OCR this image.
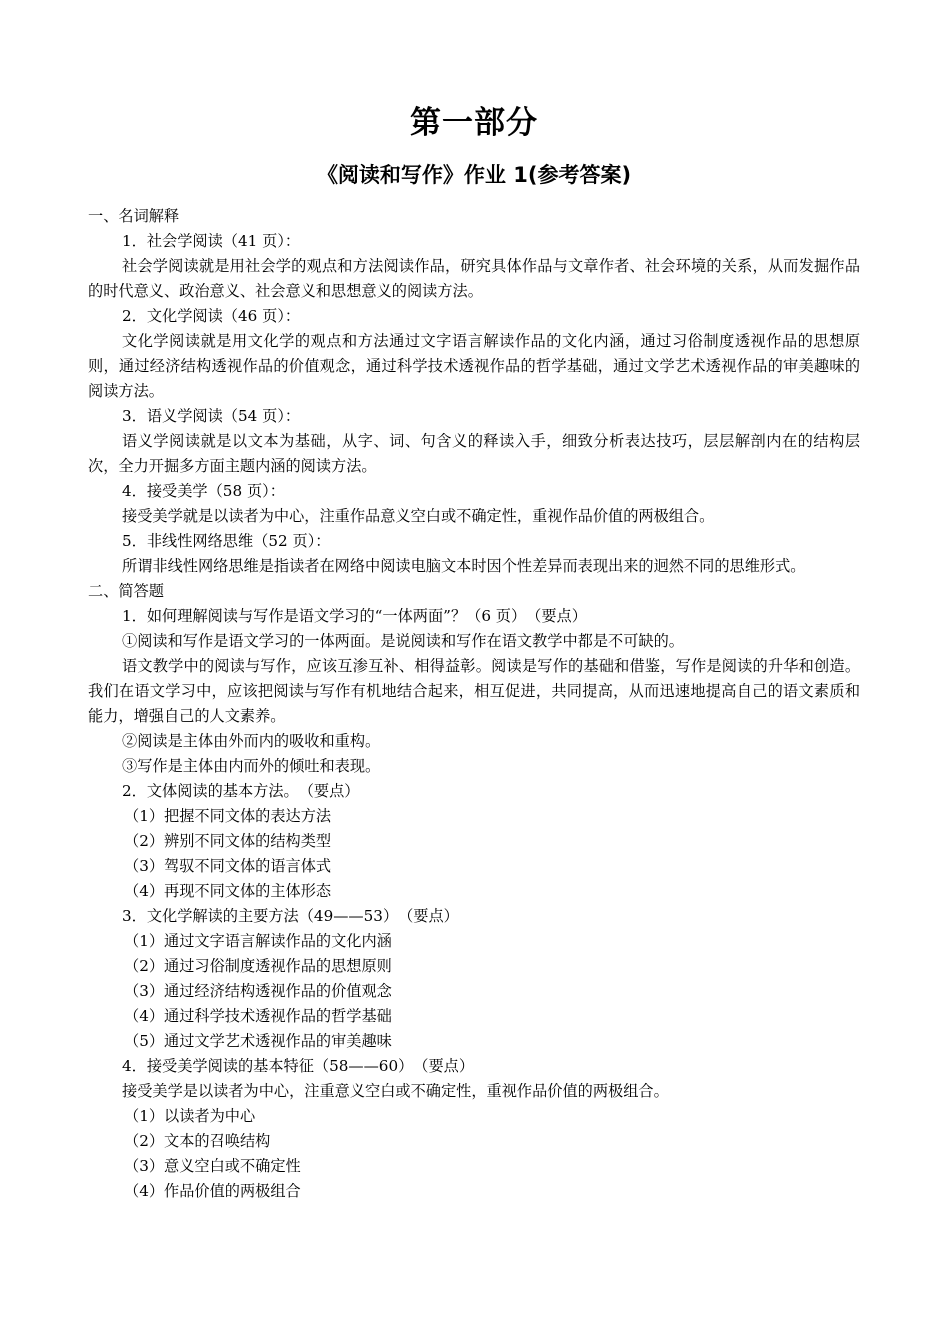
第一部分
《阅读和写作》作业 1(参考答案)

一、名词解释

1．社会学阅读（41 页）：

社会学阅读就是用社会学的观点和方法阅读作品，研究具体作品与文章作者、社会环境的关系，从而发掘作品的时代意义、政治意义、社会意义和思想意义的阅读方法。

2．文化学阅读（46 页）：

文化学阅读就是用文化学的观点和方法通过文字语言解读作品的文化内涵，通过习俗制度透视作品的思想原则，通过经济结构透视作品的价值观念，通过科学技术透视作品的哲学基础，通过文学艺术透视作品的审美趣味的阅读方法。

3．语义学阅读（54 页）：

语义学阅读就是以文本为基础，从字、词、句含义的释读入手，细致分析表达技巧，层层解剖内在的结构层次，全力开掘多方面主题内涵的阅读方法。

4．接受美学（58 页）：

接受美学就是以读者为中心，注重作品意义空白或不确定性，重视作品价值的两极组合。

5．非线性网络思维（52 页）：

所谓非线性网络思维是指读者在网络中阅读电脑文本时因个性差异而表现出来的迥然不同的思维形式。

二、简答题

1．如何理解阅读与写作是语文学习的“一体两面”？（6 页）　（要点）

①阅读和写作是语文学习的一体两面。是说阅读和写作在语文教学中都是不可缺的。

语文教学中的阅读与写作，应该互渗互补、相得益彰。阅读是写作的基础和借鉴，写作是阅读的升华和创造。我们在语文学习中，应该把阅读与写作有机地结合起来，相互促进，共同提高，从而迅速地提高自己的语文素质和能力，增强自己的人文素养。

②阅读是主体由外而内的吸收和重构。

③写作是主体由内而外的倾吐和表现。

2．文体阅读的基本方法。　（要点）

（1）把握不同文体的表达方法

（2）辨别不同文体的结构类型

（3）驾驭不同文体的语言体式

（4）再现不同文体的主体形态

3．文化学解读的主要方法（49——53）　（要点）

（1）通过文字语言解读作品的文化内涵

（2）通过习俗制度透视作品的思想原则

（3）通过经济结构透视作品的价值观念

（4）通过科学技术透视作品的哲学基础

（5）通过文学艺术透视作品的审美趣味

4．接受美学阅读的基本特征（58——60）　（要点）

接受美学是以读者为中心，注重意义空白或不确定性，重视作品价值的两极组合。

（1）以读者为中心

（2）文本的召唤结构

（3）意义空白或不确定性

（4）作品价值的两极组合
